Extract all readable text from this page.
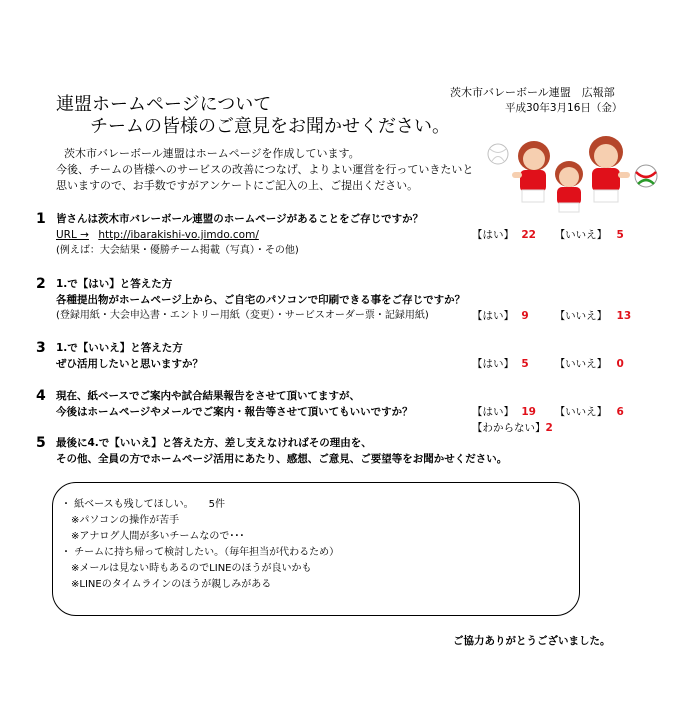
茨木市バレーボール連盟　広報部
平成30年3月16日（金）
連盟ホームページについて
チームの皆様のご意見をお聞かせください。
茨木市バレーボール連盟はホームページを作成しています。
今後、チームの皆様へのサービスの改善につなげ、よりよい運営を行っていきたいと
思いますので、お手数ですがアンケートにご記入の上、ご提出ください。
1 皆さんは茨木市バレーボール連盟のホームページがあることをご存じですか？
URL → http://ibarakishi-vo.jimdo.com/
(例えば：大会結果・優勝チーム掲載（写真）・その他)
【はい】 22 【いいえ】 5
2 1.で【はい】と答えた方
各種提出物がホームページ上から、ご自宅のパソコンで印刷できる事をご存じですか？
(登録用紙・大会申込書・エントリー用紙（変更）・サービスオーダー票・記録用紙)	【はい】 9 【いいえ】 13
3 1.で【いいえ】と答えた方
ぜひ活用したいと思いますか？	【はい】 5 【いいえ】 0
4 現在、紙ベースでご案内や試合結果報告をさせて頂いてますが、
今後はホームページやメールでご案内・報告等させて頂いてもいいですか？	【はい】 19 【いいえ】 6
【わからない】2
5 最後に4.で【いいえ】と答えた方、差し支えなければその理由を、
その他、全員の方でホームページ活用にあたり、感想、ご意見、ご要望等をお聞かせください。
・ 紙ベースも残してほしい。　　5件
※パソコンの操作が苦手
※アナログ人間が多いチームなので･･･
・ チームに持ち帰って検討したい。（毎年担当が代わるため）
※メールは見ない時もあるのでLINEのほうが良いかも
※LINEのタイムラインのほうが親しみがある
ご協力ありがとうございました。
